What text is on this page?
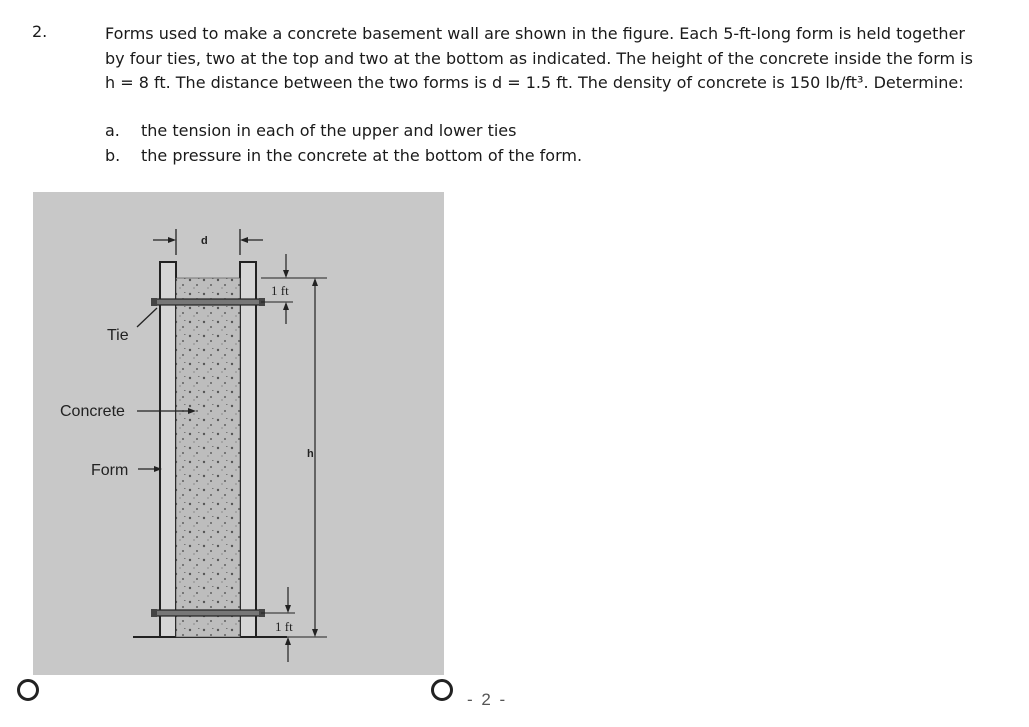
2.	Forms used to make a concrete basement wall are shown in the figure. Each 5-ft-long form is held together by four ties, two at the top and two at the bottom as indicated. The height of the concrete inside the form is h = 8 ft. The distance between the two forms is d = 1.5 ft. The density of concrete is 150 lb/ft³. Determine:

a. the tension in each of the upper and lower ties
b. the pressure in the concrete at the bottom of the form.
d
1 ft
h
1 ft
Tie
Concrete
Form
- 2 -
